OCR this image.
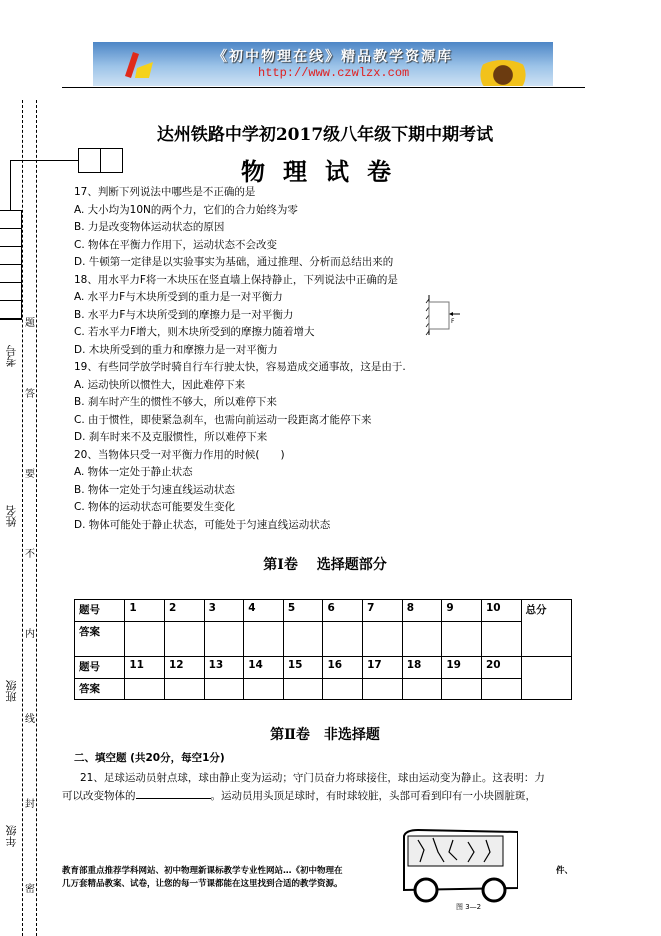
《初中物理在线》精品教学资源库
http://www.czwlzx.com
达州铁路中学初2017级八年级下期中期考试
物理试卷
考号
姓名
班级
年级
题
答
要
不
内
线
封
密
17、判断下列说法中哪些是不正确的是
A. 大小均为10N的两个力，它们的合力始终为零
B. 力是改变物体运动状态的原因
C. 物体在平衡力作用下，运动状态不会改变
D. 牛顿第一定律是以实验事实为基础，通过推理、分析而总结出来的
18、用水平力F将一木块压在竖直墙上保持静止，下列说法中正确的是
A. 水平力F与木块所受到的重力是一对平衡力
B. 水平力F与木块所受到的摩擦力是一对平衡力
C. 若水平力F增大，则木块所受到的摩擦力随着增大
D. 木块所受到的重力和摩擦力是一对平衡力
19、有些同学放学时骑自行车行驶太快，容易造成交通事故，这是由于.
A. 运动快所以惯性大，因此难停下来
B. 刹车时产生的惯性不够大，所以难停下来
C. 由于惯性，即使紧急刹车，也需向前运动一段距离才能停下来
D. 刹车时来不及克服惯性，所以难停下来
20、当物体只受一对平衡力作用的时候(　　)
A. 物体一定处于静止状态
B. 物体一定处于匀速直线运动状态
C. 物体的运动状态可能要发生变化
D. 物体可能处于静止状态，可能处于匀速直线运动状态
F
第Ⅰ卷　 选择题部分
题号	1	2	3	4	5	6	7	8	9	10	总分
答案											
题号	11	12	13	14	15	16	17	18	19	20	
答案											
第Ⅱ卷　非选择题
二、填空题 (共20分，每空1分)
21、足球运动员射点球，球由静止变为运动；守门员奋力将球接住，球由运动变为静止。这表明：力
可以改变物体的	。运动员用头顶足球时，有时球较脏，头部可看到印有一小块圆脏斑，
图 3—2
教育部重点推荐学科网站、初中物理新课标教学专业性网站…《初中物理在	件、
几万套精品教案、试卷，让您的每一节课都能在这里找到合适的教学资源。
